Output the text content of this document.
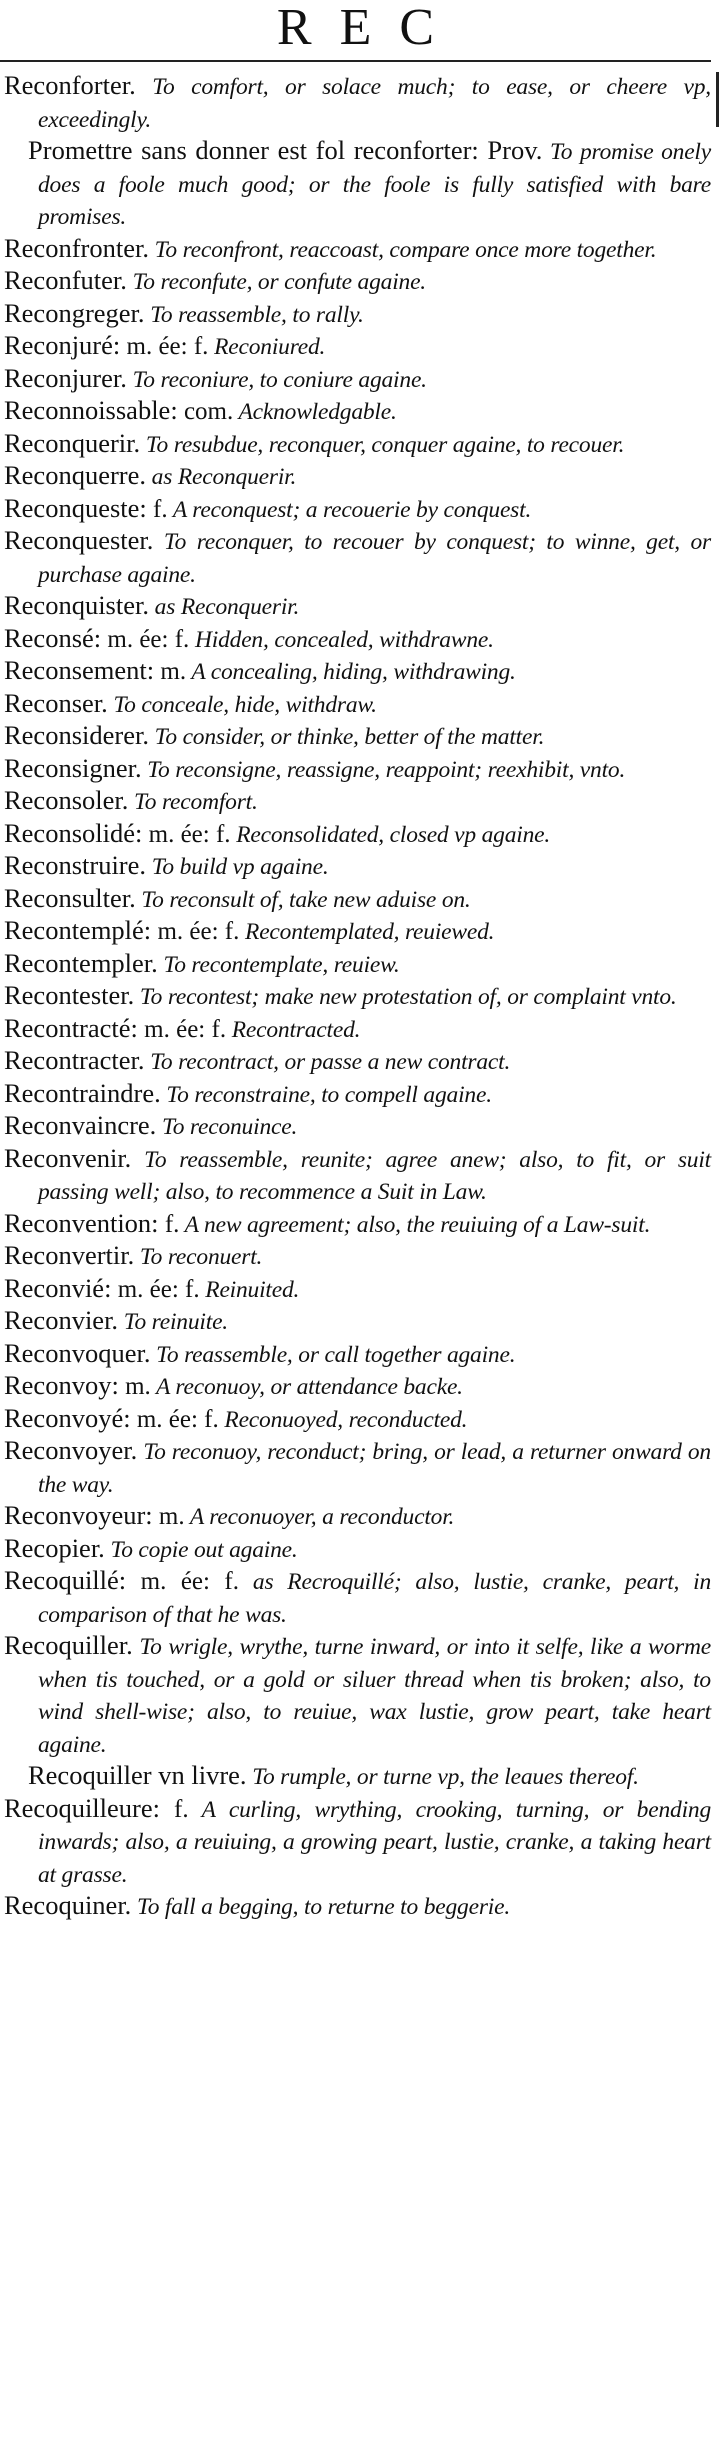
REC

Reconforter. To comfort, or solace much; to ease, or cheere vp, exceedingly.

Promettre sans donner est fol reconforter: Prov. To promise onely does a foole much good; or the foole is fully satisfied with bare promises.

Reconfronter. To reconfront, reaccoast, compare once more together.

Reconfuter. To reconfute, or confute againe.

Recongreger. To reassemble, to rally.

Reconjuré: m. ée: f. Reconiured.

Reconjurer. To reconiure, to coniure againe.

Reconnoissable: com. Acknowledgable.

Reconquerir. To resubdue, reconquer, conquer againe, to recouer.

Reconquerre. as Reconquerir.

Reconqueste: f. A reconquest; a recouerie by conquest.

Reconquester. To reconquer, to recouer by conquest; to winne, get, or purchase againe.

Reconquister. as Reconquerir.

Reconsé: m. ée: f. Hidden, concealed, withdrawne.

Reconsement: m. A concealing, hiding, withdrawing.

Reconser. To conceale, hide, withdraw.

Reconsiderer. To consider, or thinke, better of the matter.

Reconsigner. To reconsigne, reassigne, reappoint; reexhibit, vnto.

Reconsoler. To recomfort.

Reconsolidé: m. ée: f. Reconsolidated, closed vp againe.

Reconstruire. To build vp againe.

Reconsulter. To reconsult of, take new aduise on.

Recontemplé: m. ée: f. Recontemplated, reuiewed.

Recontempler. To recontemplate, reuiew.

Recontester. To recontest; make new protestation of, or complaint vnto.

Recontracté: m. ée: f. Recontracted.

Recontracter. To recontract, or passe a new contract.

Recontraindre. To reconstraine, to compell againe.

Reconvaincre. To reconuince.

Reconvenir. To reassemble, reunite; agree anew; also, to fit, or suit passing well; also, to recommence a Suit in Law.

Reconvention: f. A new agreement; also, the reuiuing of a Law-suit.

Reconvertir. To reconuert.

Reconvié: m. ée: f. Reinuited.

Reconvier. To reinuite.

Reconvoquer. To reassemble, or call together againe.

Reconvoy: m. A reconuoy, or attendance backe.

Reconvoyé: m. ée: f. Reconuoyed, reconducted.

Reconvoyer. To reconuoy, reconduct; bring, or lead, a returner onward on the way.

Reconvoyeur: m. A reconuoyer, a reconductor.

Recopier. To copie out againe.

Recoquillé: m. ée: f. as Recroquillé; also, lustie, cranke, peart, in comparison of that he was.

Recoquiller. To wrigle, wrythe, turne inward, or into it selfe, like a worme when tis touched, or a gold or siluer thread when tis broken; also, to wind shell-wise; also, to reuiue, wax lustie, grow peart, take heart againe.

Recoquiller vn livre. To rumple, or turne vp, the leaues thereof.

Recoquilleure: f. A curling, wrything, crooking, turning, or bending inwards; also, a reuiuing, a growing peart, lustie, cranke, a taking heart at grasse.

Recoquiner. To fall a begging, to returne to beggerie.
